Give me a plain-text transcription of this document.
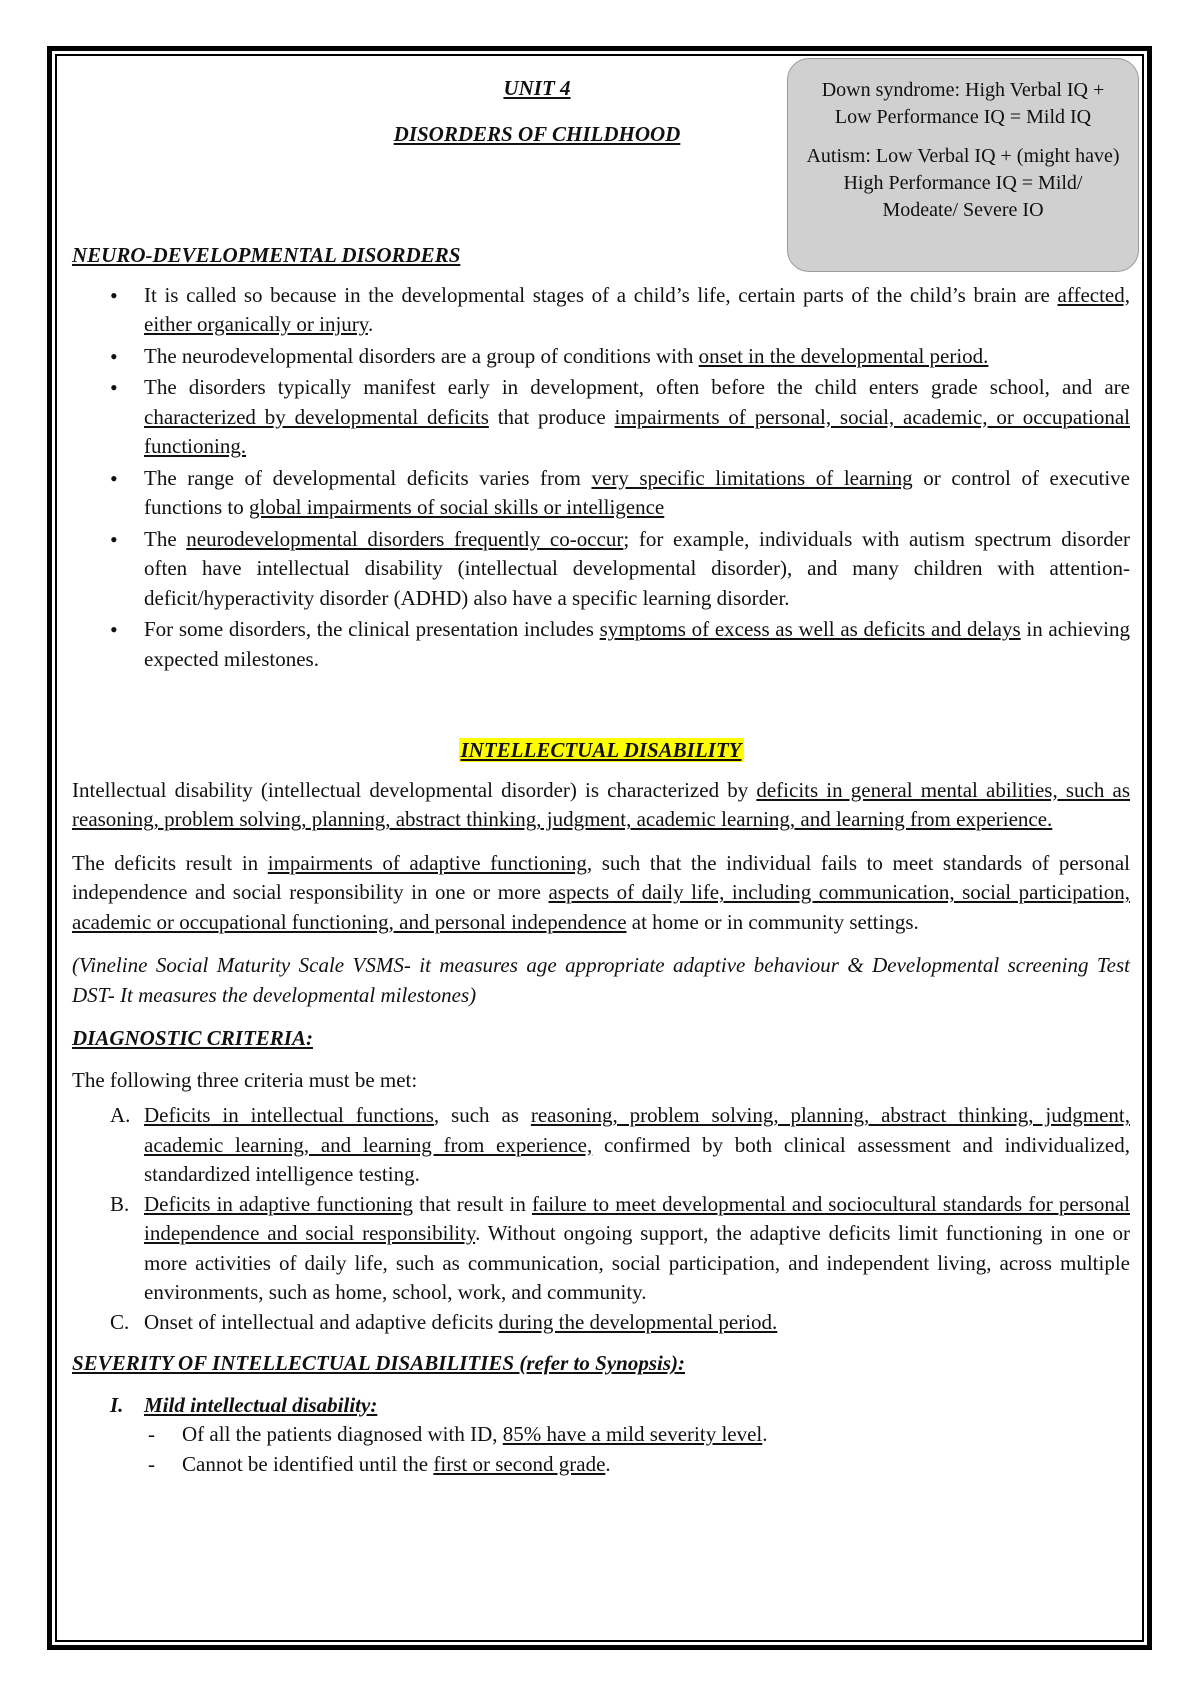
Down syndrome: High Verbal IQ + Low Performance IQ = Mild IQ

Autism: Low Verbal IQ + (might have) High Performance IQ = Mild/ Modeate/ Severe IO

UNIT 4
DISORDERS OF CHILDHOOD
NEURO-DEVELOPMENTAL DISORDERS
• It is called so because in the developmental stages of a child’s life, certain parts of the child’s brain are affected, either organically or injury.
• The neurodevelopmental disorders are a group of conditions with onset in the developmental period.
• The disorders typically manifest early in development, often before the child enters grade school, and are characterized by developmental deficits that produce impairments of personal, social, academic, or occupational functioning.
• The range of developmental deficits varies from very specific limitations of learning or control of executive functions to global impairments of social skills or intelligence
• The neurodevelopmental disorders frequently co-occur; for example, individuals with autism spectrum disorder often have intellectual disability (intellectual developmental disorder), and many children with attention-deficit/hyperactivity disorder (ADHD) also have a specific learning disorder.
• For some disorders, the clinical presentation includes symptoms of excess as well as deficits and delays in achieving expected milestones.
INTELLECTUAL DISABILITY

Intellectual disability (intellectual developmental disorder) is characterized by deficits in general mental abilities, such as reasoning, problem solving, planning, abstract thinking, judgment, academic learning, and learning from experience.

The deficits result in impairments of adaptive functioning, such that the individual fails to meet standards of personal independence and social responsibility in one or more aspects of daily life, including communication, social participation, academic or occupational functioning, and personal independence at home or in community settings.

(Vineline Social Maturity Scale VSMS- it measures age appropriate adaptive behaviour & Developmental screening Test DST- It measures the developmental milestones)

DIAGNOSTIC CRITERIA:

The following three criteria must be met:

A. Deficits in intellectual functions, such as reasoning, problem solving, planning, abstract thinking, judgment, academic learning, and learning from experience, confirmed by both clinical assessment and individualized, standardized intelligence testing.
B. Deficits in adaptive functioning that result in failure to meet developmental and sociocultural standards for personal independence and social responsibility. Without ongoing support, the adaptive deficits limit functioning in one or more activities of daily life, such as communication, social participation, and independent living, across multiple environments, such as home, school, work, and community.
C. Onset of intellectual and adaptive deficits during the developmental period.
SEVERITY OF INTELLECTUAL DISABILITIES (refer to Synopsis):
I. Mild intellectual disability:
- Of all the patients diagnosed with ID, 85% have a mild severity level.
- Cannot be identified until the first or second grade.
